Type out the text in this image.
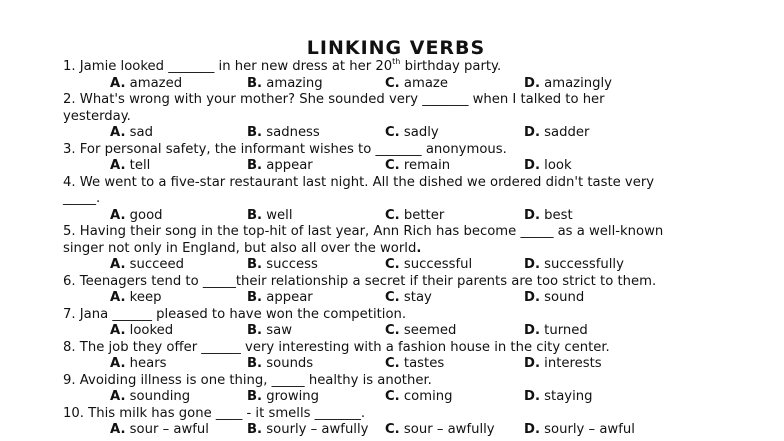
LINKING VERBS
1. Jamie looked _______ in her new dress at her 20th birthday party.
A. amazed	B. amazing	C. amaze	D. amazingly
2. What's wrong with your mother? She sounded very _______ when I talked to her
yesterday.
A. sad	B. sadness	C. sadly	D. sadder
3. For personal safety, the informant wishes to _______ anonymous.
A. tell	B. appear	C. remain	D. look
4. We went to a five-star restaurant last night. All the dished we ordered didn't taste very
_____.
A. good	B. well	C. better	D. best
5. Having their song in the top-hit of last year, Ann Rich has become _____ as a well-known
singer not only in England, but also all over the world.
A. succeed	B. success	C. successful	D. successfully
6. Teenagers tend to _____their relationship a secret if their parents are too strict to them.
A. keep	B. appear	C. stay	D. sound
7. Jana ______ pleased to have won the competition.
A. looked	B. saw	C. seemed	D. turned
8. The job they offer ______ very interesting with a fashion house in the city center.
A. hears	B. sounds	C. tastes	D. interests
9. Avoiding illness is one thing, _____ healthy is another.
A. sounding	B. growing	C. coming	D. staying
10. This milk has gone ____ - it smells _______.
A. sour – awful	B. sourly – awfully C. sour – awfully D. sourly – awful
